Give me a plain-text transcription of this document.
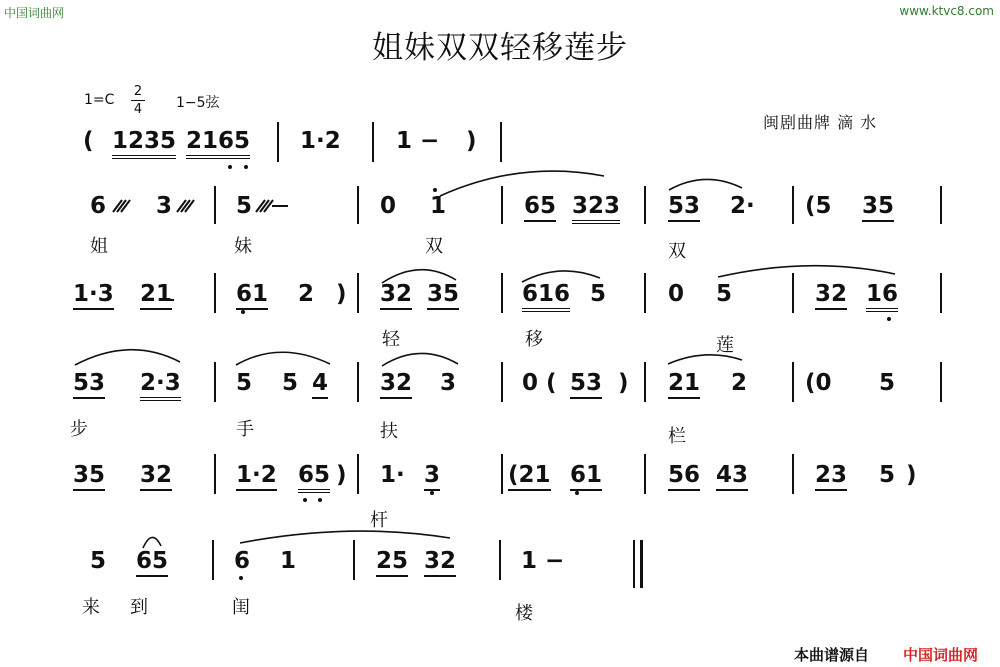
中国词曲网	www.ktvc8.com
姐妹双双轻移莲步
1=C
2
4 1−5弦
闽剧曲牌 滴 水
( 1235 2165 1·2 1 − )
6 3	5	0 1	65 323 53 2· (5 35
姐	妹	双	双
1·3 21	61 2 ) 32 35	616 5	0 5	32 16
轻	移	莲
53 2·3 5 5 4 32 3	0 ( 53 ) 21 2	(0 5
步	手	扶	栏
35 32	1·2 65 ) 1· 3	(21 61	56 43	23 5 )
杆
5 65	6 1	25 32	1 −
来 到	闺	楼
本曲谱源自 中国词曲网
